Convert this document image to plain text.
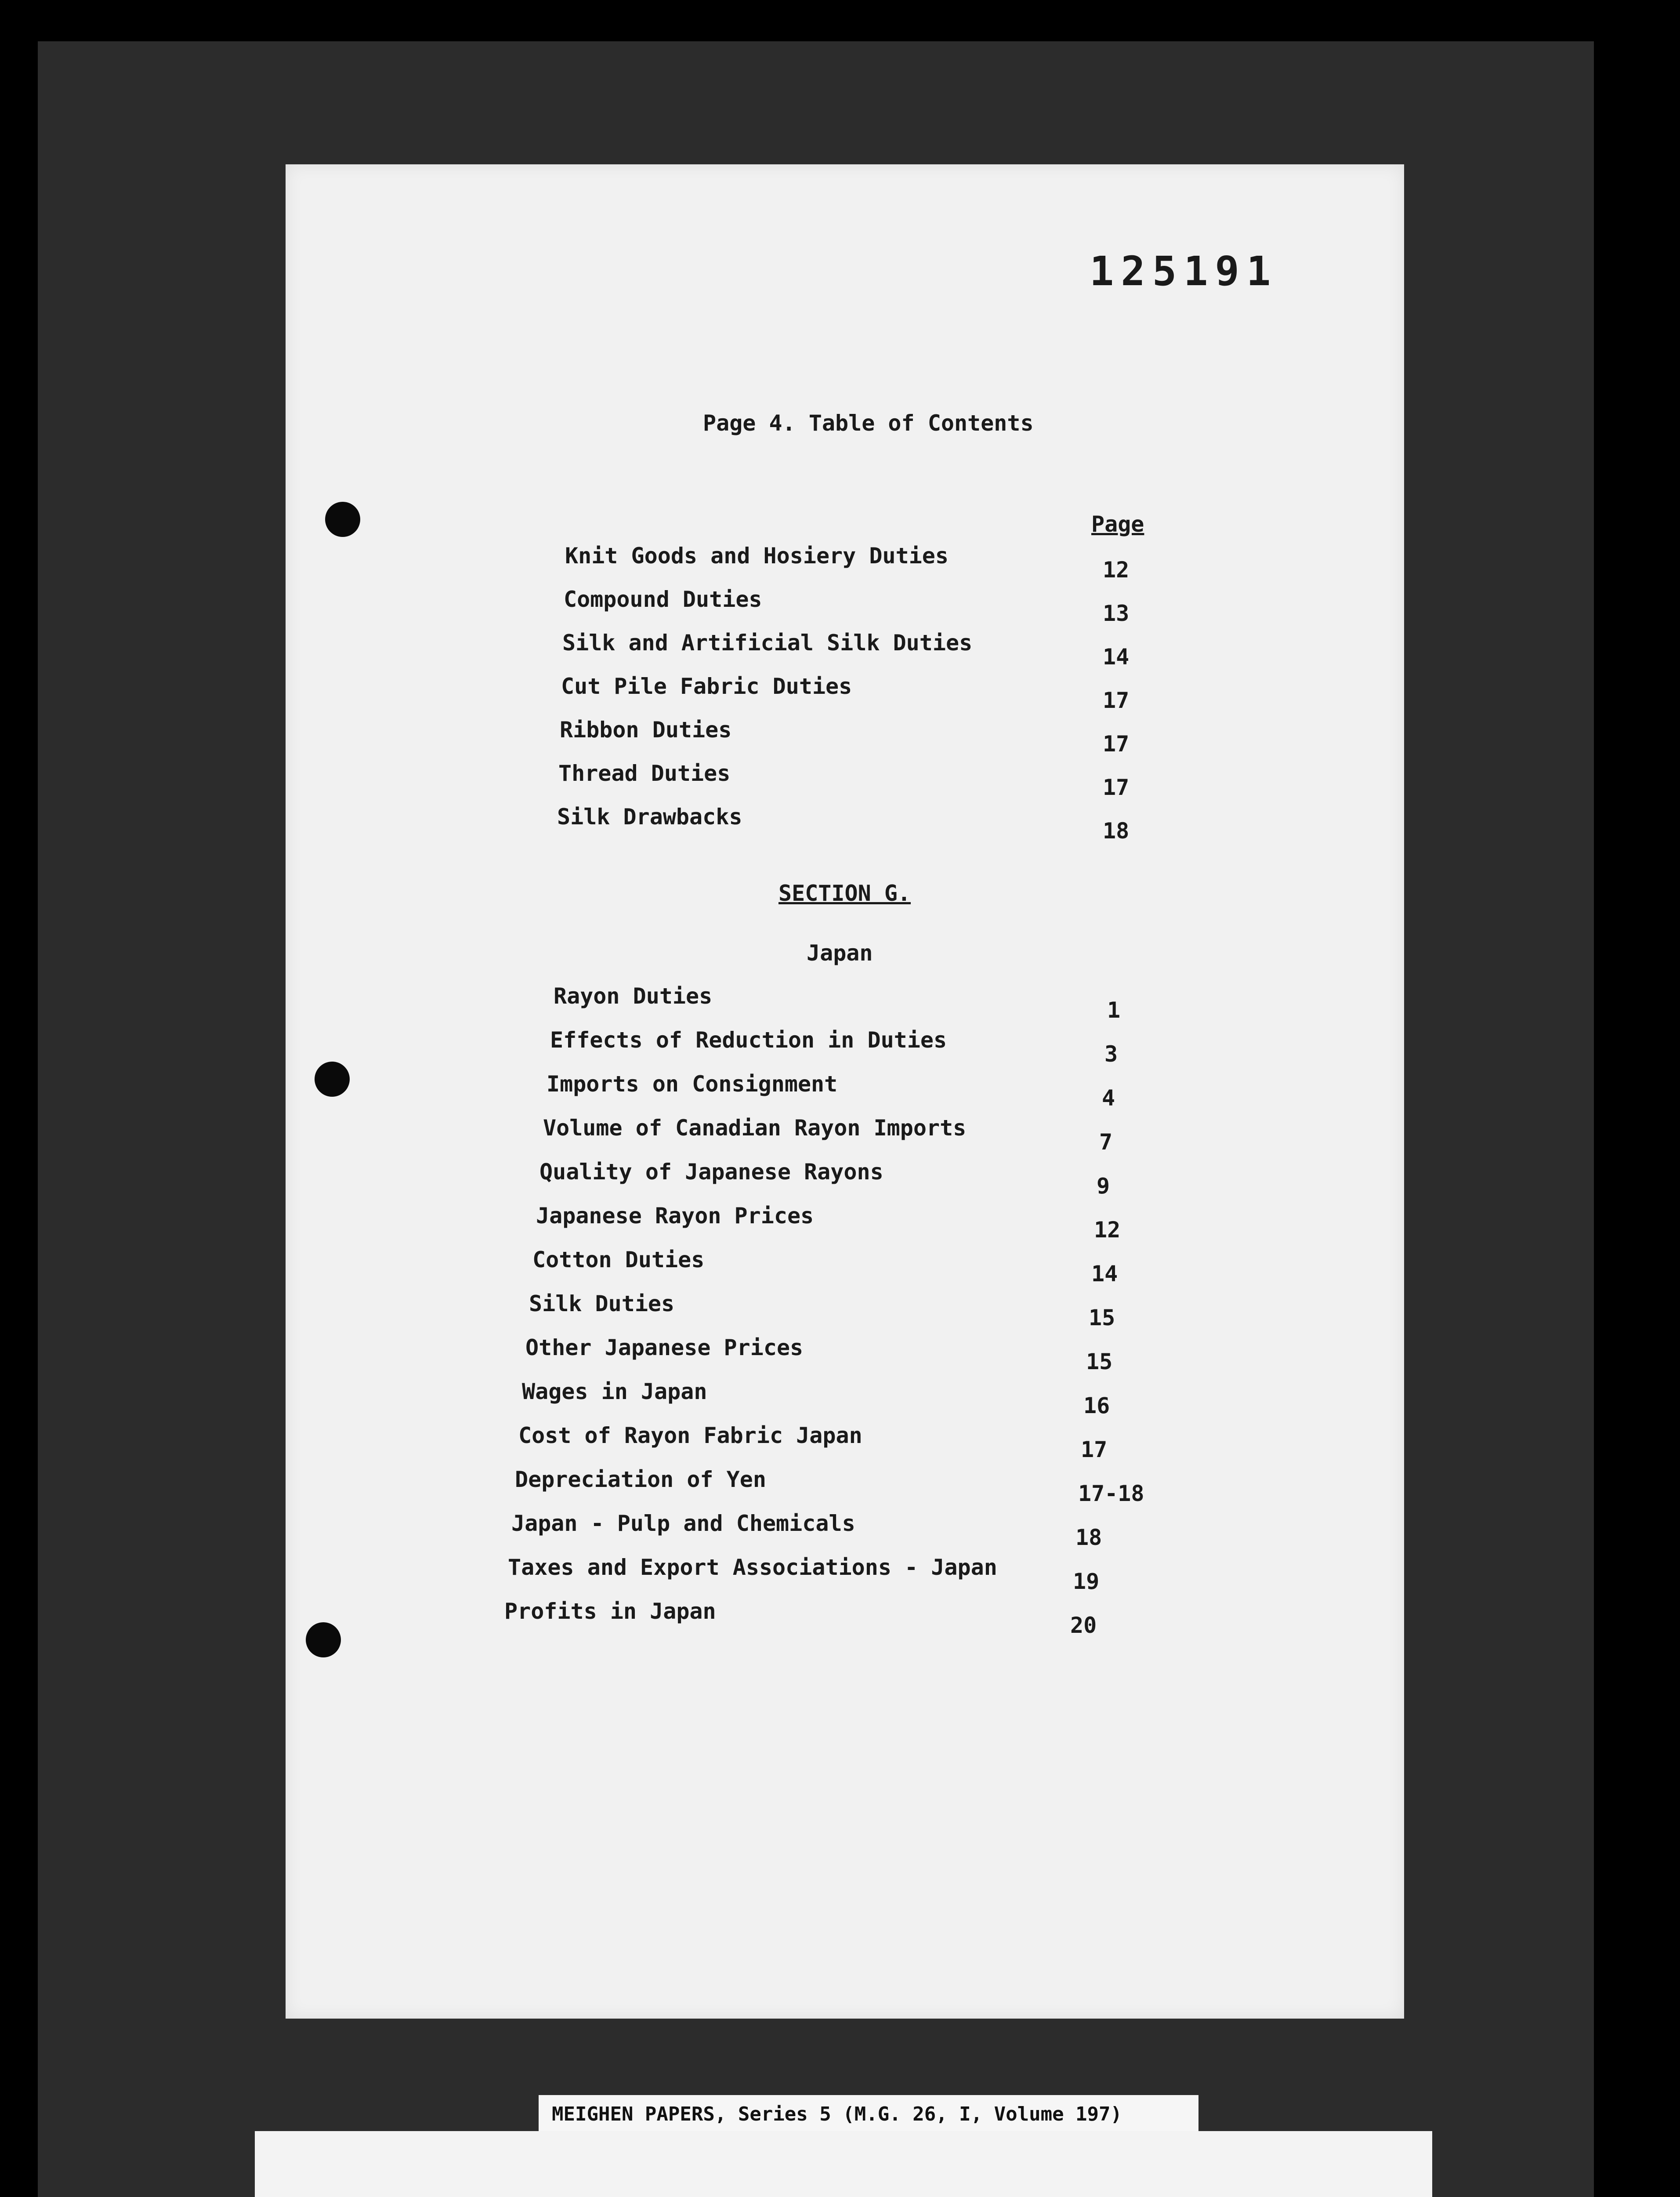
125191
Page 4. Table of Contents
Page
Knit Goods and Hosiery Duties
12
Compound Duties
13
Silk and Artificial Silk Duties
14
Cut Pile Fabric Duties
17
Ribbon Duties
17
Thread Duties
17
Silk Drawbacks
18
SECTION G.
Japan
Rayon Duties
1
Effects of Reduction in Duties
3
Imports on Consignment
4
Volume of Canadian Rayon Imports
7
Quality of Japanese Rayons
9
Japanese Rayon Prices
12
Cotton Duties
14
Silk Duties
15
Other Japanese Prices
15
Wages in Japan
16
Cost of Rayon Fabric Japan
17
Depreciation of Yen
17-18
Japan - Pulp and Chemicals
18
Taxes and Export Associations - Japan
19
Profits in Japan
20
MEIGHEN PAPERS, Series 5 (M.G. 26, I, Volume 197)
